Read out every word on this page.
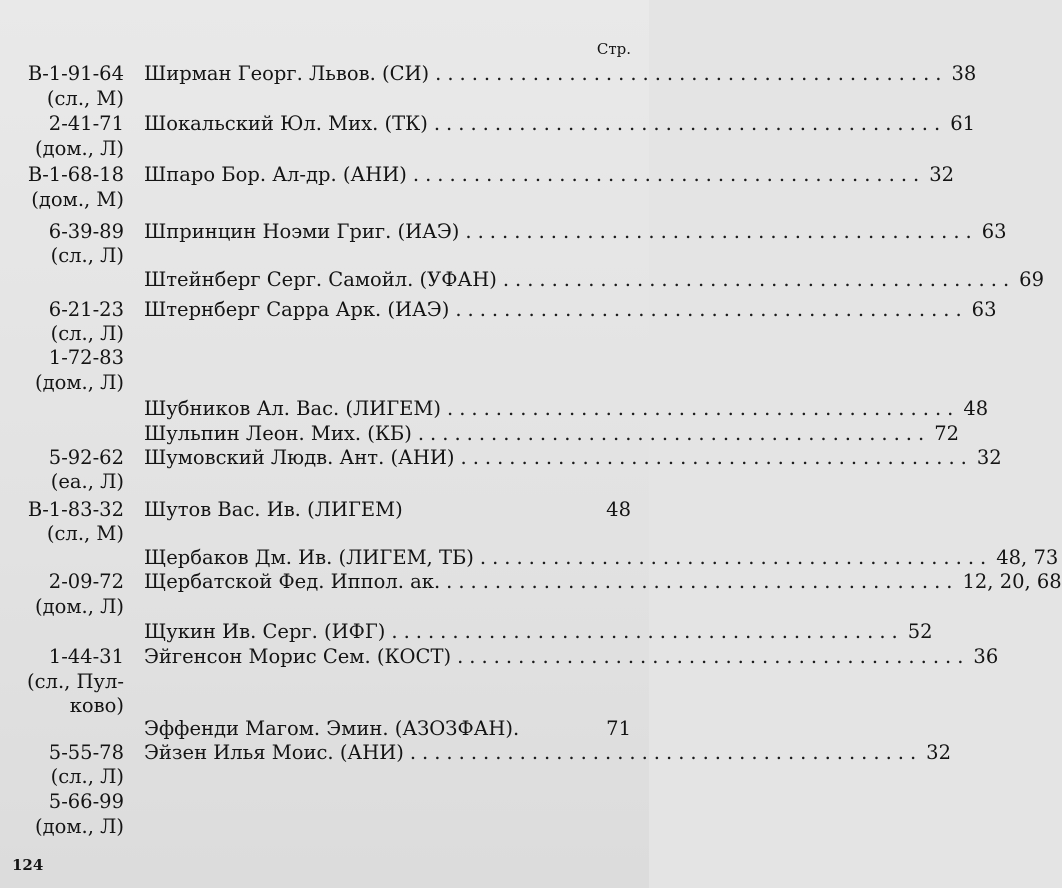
Стр.
В-1-91-64 Ширман Георг. Львов. (СИ) .......................................... 38
(сл., М)
2-41-71 Шокальский Юл. Мих. (ТК) .......................................... 61
(дом., Л)
В-1-68-18 Шпаро Бор. Ал-др. (АНИ) .......................................... 32
(дом., М)
6-39-89 Шпринцин Ноэми Григ. (ИАЭ) .......................................... 63
(сл., Л)
Штейнберг Серг. Самойл. (УФАН) .......................................... 69
6-21-23 Штернберг Сарра Арк. (ИАЭ) .......................................... 63
(сл., Л)
1-72-83
(дом., Л)
Шубников Ал. Вас. (ЛИГЕМ) .......................................... 48
Шульпин Леон. Мих. (КБ) .......................................... 72
5-92-62 Шумовский Людв. Ант. (АНИ) .......................................... 32
(еа., Л)
В-1-83-32 Шутов Вас. Ив. (ЛИГЕМ)	48
(сл., М)
Щербаков Дм. Ив. (ЛИГЕМ, ТБ) .......................................... 48, 73
2-09-72 Щербатской Фед. Иппол. ак. .......................................... 12, 20, 68
(дом., Л)
Щукин Ив. Серг. (ИФГ) .......................................... 52
1-44-31 Эйгенсон Морис Сем. (КОСТ) .......................................... 36
(сл., Пул-
ково)
Эффенди Магом. Эмин. (АЗОЗФАН).	71
5-55-78 Эйзен Илья Моис. (АНИ) .......................................... 32
(сл., Л)
5-66-99
(дом., Л)
124
